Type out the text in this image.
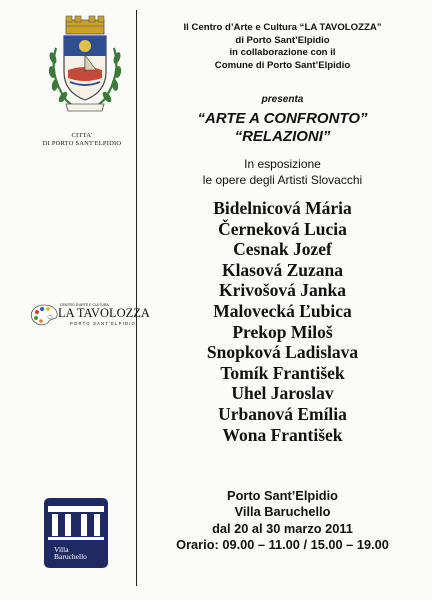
CITTA'
DI PORTO SANT'ELPIDIO
CENTRO D'ARTE E CULTURA
LA TAVOLOZZA
PORTO SANT'ELPIDIO
Villa
Baruchello
Il Centro d’Arte e Cultura “LA TAVOLOZZA”
di Porto Sant’Elpidio
in collaborazione con il
Comune di Porto Sant’Elpidio
presenta
“ARTE A CONFRONTO”
“RELAZIONI”
In esposizione
le opere degli Artisti Slovacchi
Bidelnicová Mária
Černeková Lucia
Cesnak Jozef
Klasová Zuzana
Krivošová Janka
Malovecká Ľubica
Prekop Miloš
Snopková Ladislava
Tomík František
Uhel Jaroslav
Urbanová Emília
Wona František
Porto Sant’Elpidio
Villa Baruchello
dal 20 al 30 marzo 2011
Orario: 09.00 – 11.00 / 15.00 – 19.00
